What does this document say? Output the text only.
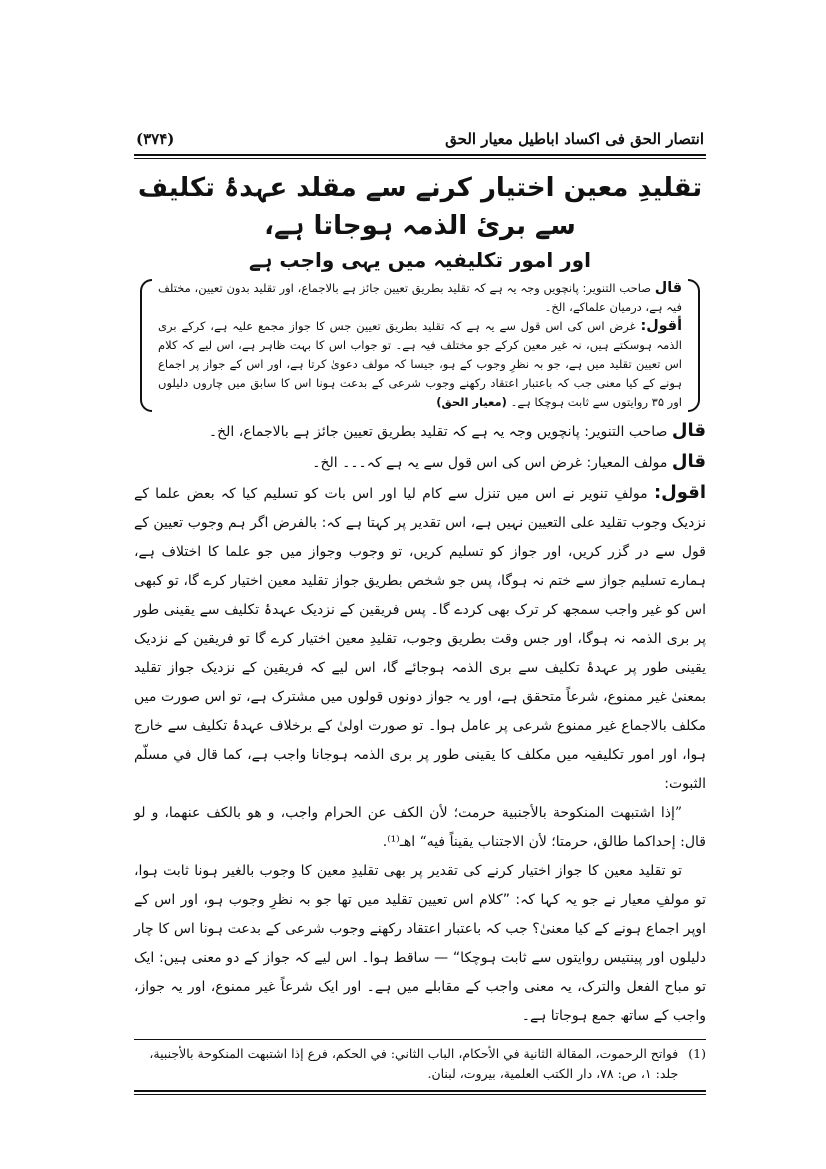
انتصار الحق فی اکساد اباطیل معیار الحق
(۳۷۴)
تقلیدِ معین اختیار کرنے سے مقلد عہدۂ تکلیف سے بریٔ الذمہ ہوجاتا ہے،
اور امور تکلیفیہ میں یہی واجب ہے

قال صاحب التنویر: پانچویں وجہ یہ ہے کہ تقلید بطریق تعیین جائز ہے بالاجماع، اور تقلید بدون تعیین، مختلف فیہ ہے، درمیان علماکے، الخ۔

أقول: غرض اس کی اس قول سے یہ ہے کہ تقلید بطریق تعیین جس کا جواز مجمع علیہ ہے، کرکے بری الذمہ ہوسکتے ہیں، نہ غیر معین کرکے جو مختلف فیہ ہے۔ تو جواب اس کا بہت ظاہر ہے، اس لیے کہ کلام اس تعیین تقلید میں ہے، جو بہ نظرِ وجوب کے ہو، جیسا کہ مولف دعویٰ کرتا ہے، اور اس کے جواز پر اجماع ہونے کے کیا معنی جب کہ باعتبار اعتقاد رکھنے وجوب شرعی کے بدعت ہونا اس کا سابق میں چاروں دلیلوں اور ۳۵ روایتوں سے ثابت ہوچکا ہے۔ (معیار الحق)

قال صاحب التنویر: پانچویں وجہ یہ ہے کہ تقلید بطریق تعیین جائز ہے بالاجماع، الخ۔

قال مولف المعیار: غرض اس کی اس قول سے یہ ہے کہ۔۔۔ الخ۔

اقول: مولفِ تنویر نے اس میں تنزل سے کام لیا اور اس بات کو تسلیم کیا کہ بعض علما کے نزدیک وجوب تقلید علی التعیین نہیں ہے، اس تقدیر پر کہتا ہے کہ: بالفرض اگر ہم وجوب تعیین کے قول سے در گزر کریں، اور جواز کو تسلیم کریں، تو وجوب وجواز میں جو علما کا اختلاف ہے، ہمارے تسلیم جواز سے ختم نہ ہوگا، پس جو شخص بطریق جواز تقلید معین اختیار کرے گا، تو کبھی اس کو غیر واجب سمجھ کر ترک بھی کردے گا۔ پس فریقین کے نزدیک عہدۂ تکلیف سے یقینی طور پر بری الذمہ نہ ہوگا، اور جس وقت بطریق وجوب، تقلیدِ معین اختیار کرے گا تو فریقین کے نزدیک یقینی طور پر عہدۂ تکلیف سے بری الذمہ ہوجائے گا، اس لیے کہ فریقین کے نزدیک جواز تقلید بمعنیٰ غیر ممنوع، شرعاً متحقق ہے، اور یہ جواز دونوں قولوں میں مشترک ہے، تو اس صورت میں مکلف بالاجماع غیر ممنوع شرعی پر عامل ہوا۔ تو صورت اولیٰ کے برخلاف عہدۂ تکلیف سے خارج ہوا، اور امور تکلیفیہ میں مکلف کا یقینی طور پر بری الذمہ ہوجانا واجب ہے، کما قال في مسلّم الثبوت:

”إذا اشتبهت المنكوحة بالأجنبية حرمت؛ لأن الكف عن الحرام واجب، و هو بالكف عنهما، و لو قال: إحداكما طالق، حرمتا؛ لأن الاجتناب يقيناً فيه“ اهـ⁽¹⁾.

تو تقلید معین کا جواز اختیار کرنے کی تقدیر پر بھی تقلیدِ معین کا وجوب بالغیر ہونا ثابت ہوا، تو مولفِ معیار نے جو یہ کہا کہ: ”کلام اس تعیین تقلید میں تھا جو بہ نظرِ وجوب ہو، اور اس کے اوپر اجماع ہونے کے کیا معنیٰ؟ جب کہ باعتبار اعتقاد رکھنے وجوب شرعی کے بدعت ہونا اس کا چار دلیلوں اور پینتیس روایتوں سے ثابت ہوچکا“ — ساقط ہوا۔ اس لیے کہ جواز کے دو معنی ہیں: ایک تو مباح الفعل والترک، یہ معنی واجب کے مقابلے میں ہے۔ اور ایک شرعاً غیر ممنوع، اور یہ جواز، واجب کے ساتھ جمع ہوجاتا ہے۔

(1)
فواتح الرحموت، المقالة الثانية في الأحكام، الباب الثاني: في الحكم، فرع إذا اشتبهت المنكوحة بالأجنبية، جلد: ١، ص: ٧٨، دار الكتب العلمية، بيروت، لبنان.
